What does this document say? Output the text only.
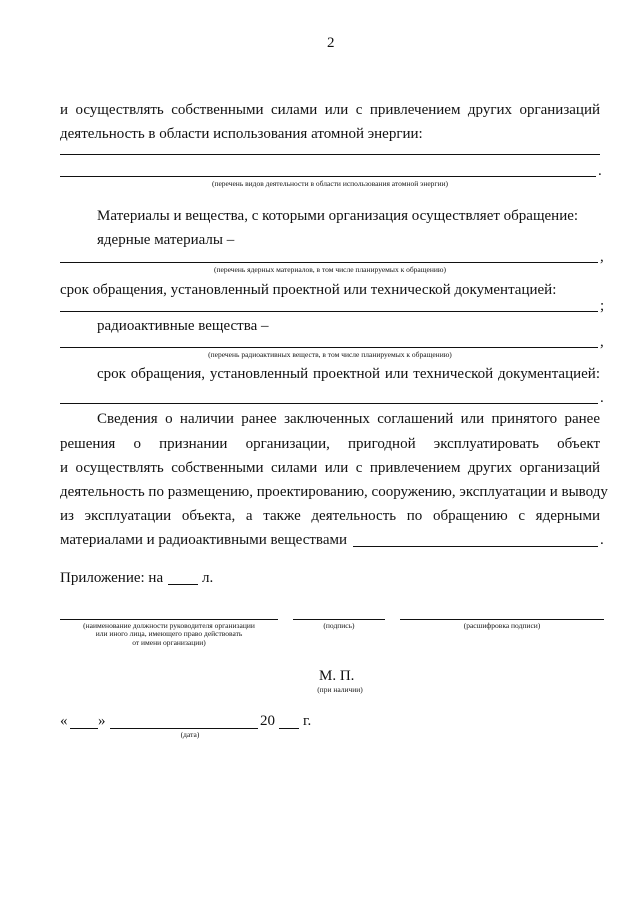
2
и осуществлять собственными силами или с привлечением других организаций
деятельность в области использования атомной энергии:
.
(перечень видов деятельности в области использования атомной энергии)
Материалы и вещества, с которыми организация осуществляет обращение:
ядерные материалы –
,
(перечень ядерных материалов, в том числе планируемых к обращению)
срок обращения, установленный проектной или технической документацией:
;
радиоактивные вещества –
,
(перечень радиоактивных веществ, в том числе планируемых к обращению)
срок обращения, установленный проектной или технической документацией:
.
Сведения о наличии ранее заключенных соглашений или принятого ранее
решения о признании организации, пригодной эксплуатировать объект
и осуществлять собственными силами или с привлечением других организаций
деятельность по размещению, проектированию, сооружению, эксплуатации и выводу
из эксплуатации объекта, а также деятельность по обращению с ядерными
материалами и радиоактивными веществами	.
Приложение: на	л.
(наименование должности руководителя организации
или иного лица, имеющего право действовать
от имени организации)
(подпись)	(расшифровка подписи)
М. П.
(при наличии)
« »	20 г.
(дата)
